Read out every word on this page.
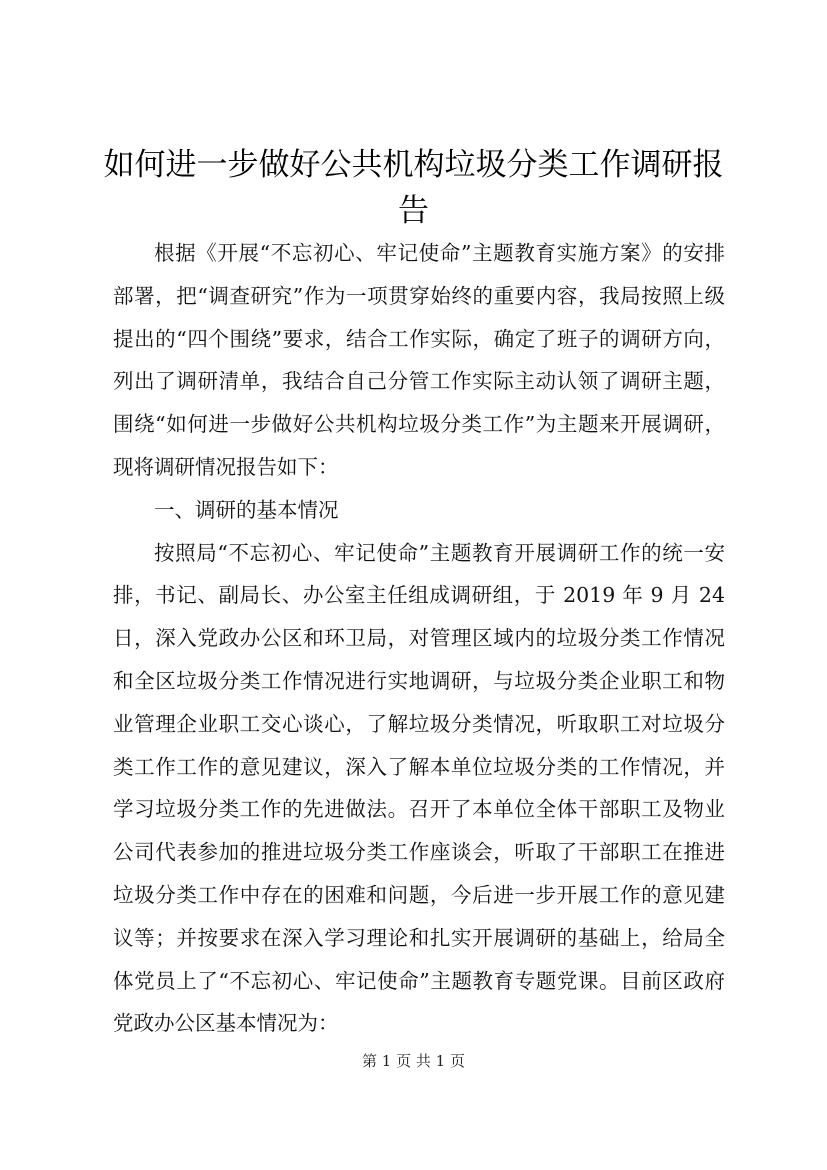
如何进一步做好公共机构垃圾分类工作调研报告

根据《开展“不忘初心、牢记使命”主题教育实施方案》的安排部署，把“调查研究”作为一项贯穿始终的重要内容，我局按照上级提出的“四个围绕”要求，结合工作实际，确定了班子的调研方向，列出了调研清单，我结合自己分管工作实际主动认领了调研主题，围绕“如何进一步做好公共机构垃圾分类工作”为主题来开展调研，现将调研情况报告如下：

一、调研的基本情况

按照局“不忘初心、牢记使命”主题教育开展调研工作的统一安排，书记、副局长、办公室主任组成调研组，于 2019 年 9 月 24 日，深入党政办公区和环卫局，对管理区域内的垃圾分类工作情况和全区垃圾分类工作情况进行实地调研，与垃圾分类企业职工和物业管理企业职工交心谈心，了解垃圾分类情况，听取职工对垃圾分类工作工作的意见建议，深入了解本单位垃圾分类的工作情况，并学习垃圾分类工作的先进做法。召开了本单位全体干部职工及物业公司代表参加的推进垃圾分类工作座谈会，听取了干部职工在推进垃圾分类工作中存在的困难和问题，今后进一步开展工作的意见建议等；并按要求在深入学习理论和扎实开展调研的基础上，给局全体党员上了“不忘初心、牢记使命”主题教育专题党课。目前区政府党政办公区基本情况为：

第 1 页 共 1 页
